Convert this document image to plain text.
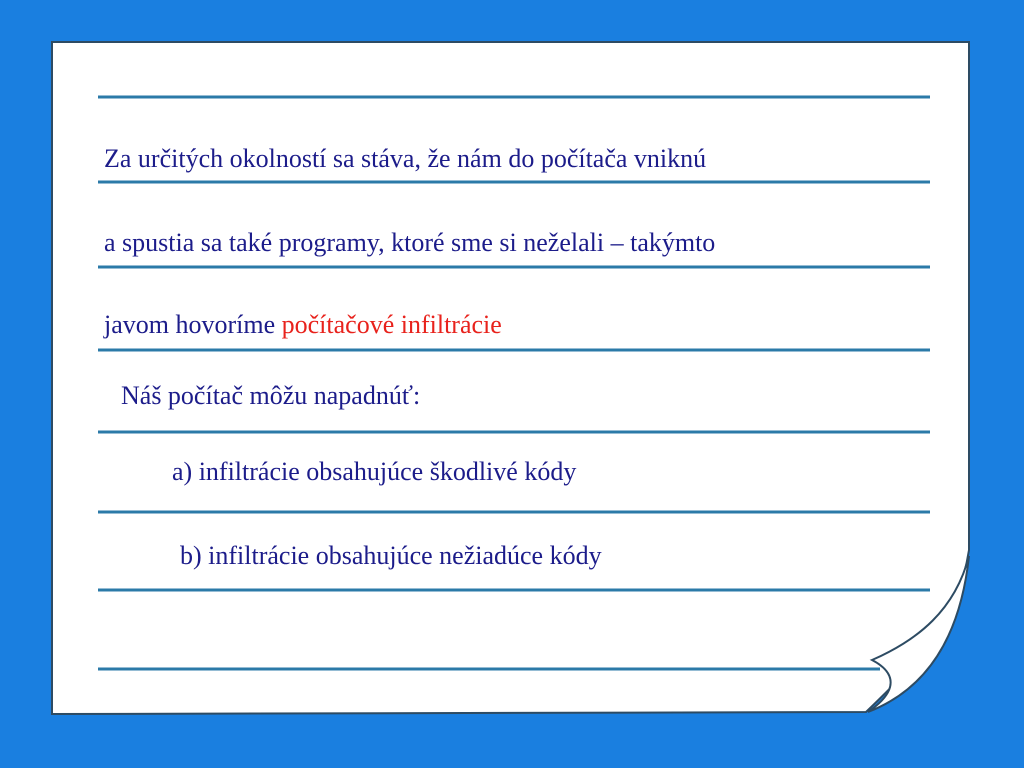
Za určitých okolností sa stáva, že nám do počítača vniknú

a spustia sa také programy, ktoré sme si neželali – takýmto

javom hovoríme počítačové infiltrácie

Náš počítač môžu napadnúť:

a) infiltrácie obsahujúce škodlivé kódy

b) infiltrácie obsahujúce nežiadúce kódy
